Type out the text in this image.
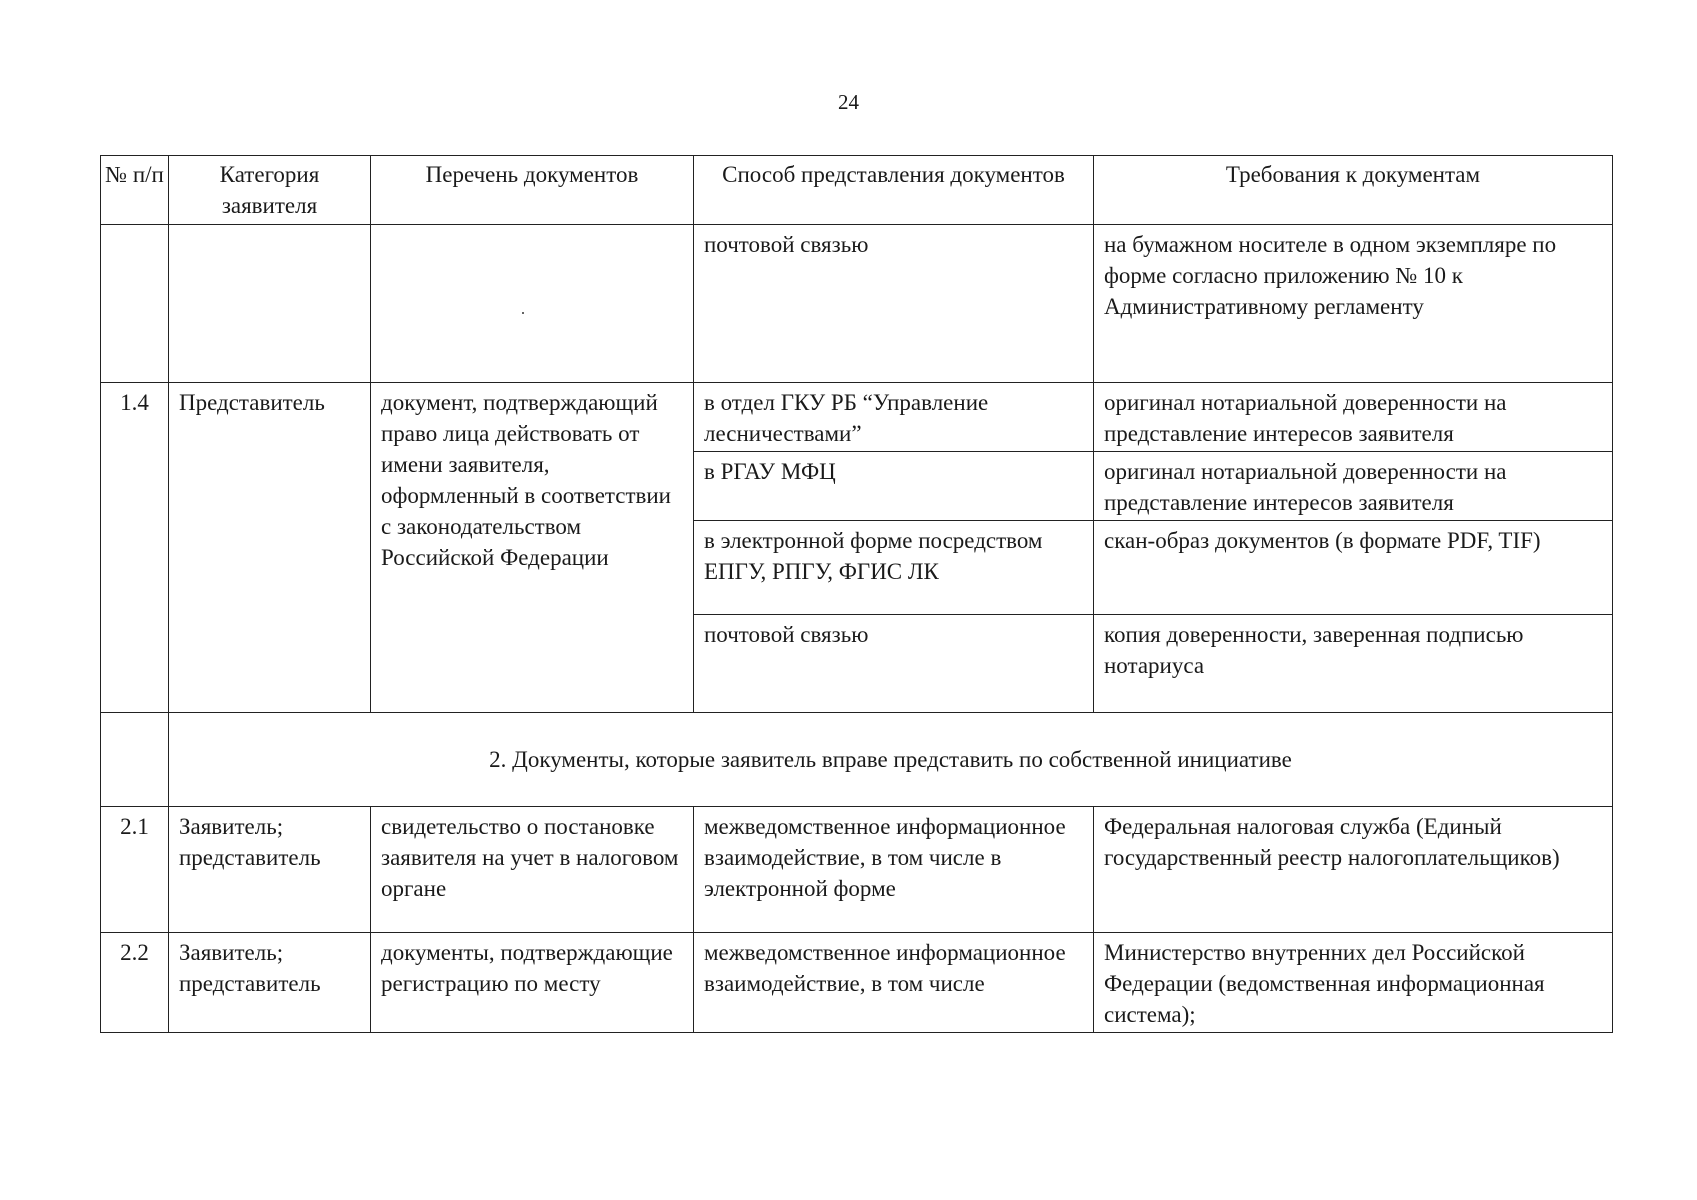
24
№ п/п	Категория заявителя	Перечень документов	Способ представления документов	Требования к документам
			почтовой связью	на бумажном носителе в одном экземпляре по форме согласно приложению № 10 к Административному регламенту
1.4	Представитель	документ, подтверждающий право лица действовать от имени заявителя, оформленный в соответствии с законодательством Российской Федерации	в отдел ГКУ РБ “Управление лесничествами”	оригинал нотариальной доверенности на представление интересов заявителя
			в РГАУ МФЦ	оригинал нотариальной доверенности на представление интересов заявителя
			в электронной форме посредством ЕПГУ, РПГУ, ФГИС ЛК	скан-образ документов (в формате PDF, TIF)
			почтовой связью	копия доверенности, заверенная подписью нотариуса
	2. Документы, которые заявитель вправе представить по собственной инициативе			
2.1	Заявитель; представитель	свидетельство о постановке заявителя на учет в налоговом органе	межведомственное информационное взаимодействие, в том числе в электронной форме	Федеральная налоговая служба (Единый государственный реестр налогоплательщиков)
2.2	Заявитель; представитель	документы, подтверждающие регистрацию по месту	межведомственное информационное взаимодействие, в том числе	Министерство внутренних дел Российской Федерации (ведомственная информационная система);
